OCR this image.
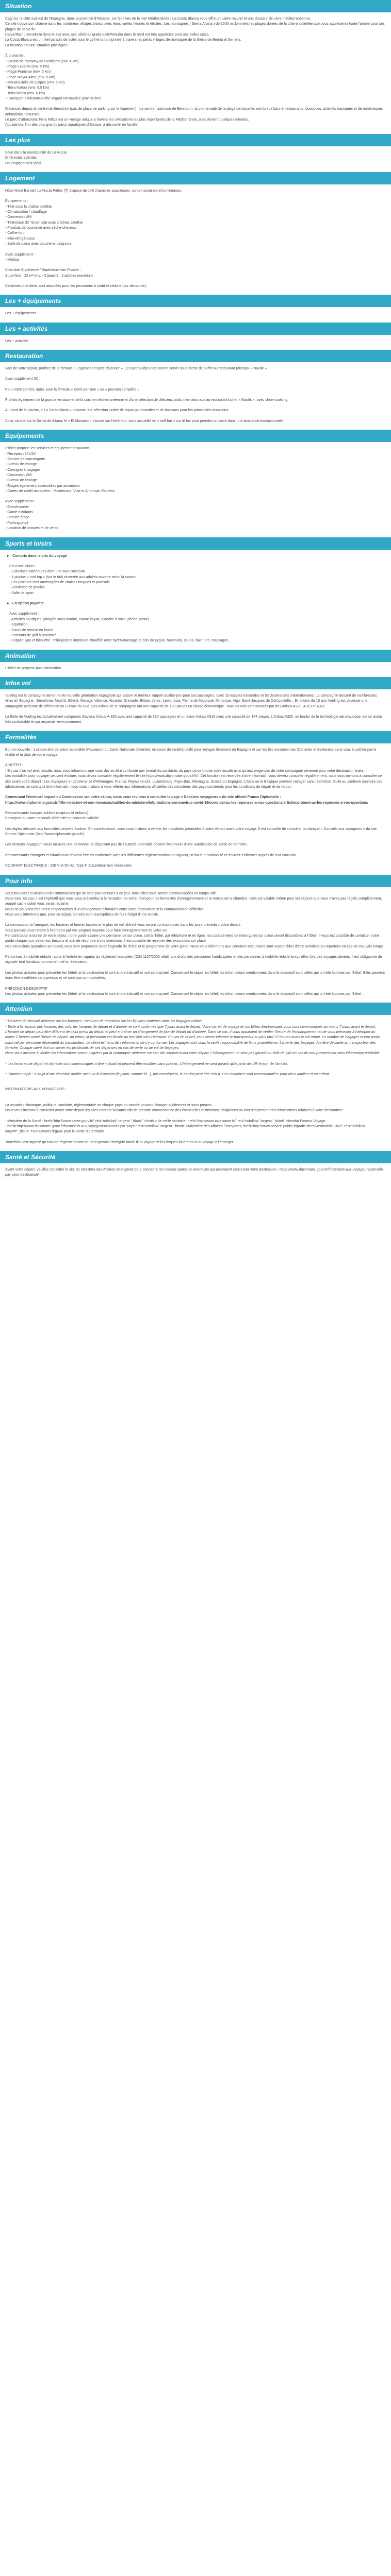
Situation

Cagi sur la côte sud-est de l'Espagne, dans la province d'Alicante, sur les rives de la mer Méditerranée / La Costa Blanca vous offre un cadre naturel et une douceur de vivre méditerranéenne.

Ce site trouve son charme dans les nombreux villages blancs avec leurs ruelles fleuries et étroites. Les montagnes ( Sierra Aitana ) de 1500 m dominent les plages dorées de la côte ensoleillée que vous apprécierez toute l'année pour ses plages de sable fin.

Calpe/Ifach / Benidorm dans le sud avec ses célèbres gratte-ciels/Moraira dans le nord est très appréciée pour ses belles calas.

La Costa Blanca est un réel paradis de soleil pour le golf et la randonnée à travers les petits villages de montagne de la Sierra de Bernia et Serrella.

La location est une situation privilégiée !

À proximité :

- Station de tramway de Benidorm (env. 4 km)

- Plage Levante (env. 5 km)

- Plage Poniente (env. 5 km)

- Place Mayor Altea (env. 5 km)

- Moraira Bella de Calpes (env. 5 km)

- Terra Natura (env. 6,5 km)

- Terra Mítica (env. 6 km)

- L'aéroport d'Alicante-Elche Miguel Hernández (env. 60 km)

Distances depuis le centre de Benidorm (pas de place de parking sur le logement) : Le centre historique de Benidorm, la promenade de la plage de Levante, nombreux bars et restaurants, boutiques, activités nautiques et de nombreuses animations nocturnes.

Le parc d'attractions Terra Mítica est un voyage unique à travers les civilisations les plus importantes de la Méditerranée, à seulement quelques minutes.

Aqualandia, l'un des plus grands parcs aquatiques d'Europe, à découvrir en famille.

Les plus

Situé dans la municipalité de La Nucía

Différentes activités

Un emplacement idéal

Logement

Hôtel Hotel Barceló La Nucía Palms (T) dispose de 146 chambres spacieuses, contemporaines et lumineuses.

Équipements :

- Télé sous la chaîne satellite

- Climatisation / chauffage

- Connexion Wifi

- Téléviseur 32'' écran plat avec chaînes satellite

- Produits de courtoisie avec sèche-cheveux

- Coffre-fort

- Mini-réfrigérateur

- Salle de bains avec douche et baignoire

Avec supplément :

- Minibar

Chambre Supérieure / Supérieure vue Piscine :

Superficie : 22 m² env. - Capacité : 2 adultes maximum

Certaines chambres sont adaptées pour les personnes à mobilité réduite (sur demande).

Les + équipements

Les + équipements

Les + activités

Les + activités

Restauration

Lors de votre séjour, profitez de la formule « Logement et petit-déjeuner ». Les petits-déjeuners seront servis sous forme de buffet au restaurant principal « Nautik ».

Avec supplément (€) :

Pour votre confort, optez pour la formule « Demi-pension » ou « pension complète ».

Profitez également de la grande terrasse et de la cuisine méditerranéenne et d'une sélection de délicieux plats internationaux au restaurant buffet « Nautik », avec show-cooking.

Au bord de la piscine, « La Santa Marta » propose une sélection variée de tapas gourmandes et de boissons pour les principales occasions.

Ainsi, sa vue sur la Sierra de Aitana, le « El Mosaico » s'ouvre sur l'extérieur, vous accueille en « self bar » sur le toit pour prendre un verre dans une ambiance exceptionnelle.

Equipements

L'hôtel propose les services et équipements suivants :

- Réception 24h/24

- Service de conciergerie

- Bureau de change

- Consigne à bagages

- Connexion Wifi

- Bureau de change

- Étages également accessibles par ascenseur

- Cartes de crédit acceptées : Mastercard, Visa et American Express.

Avec supplément :

- Blanchisserie

- Garde d'enfants

- Service étage

- Parking privé

- Location de voitures et de vélos

Sports et loisirs

▸ Compris dans le prix du voyage

Pour vos loisirs :

- 2 piscines extérieures dont une avec solarium

- 1 piscine « roof top » (sur le toit) réservée aux adultes ouverte selon la saison

- Les piscines sont aménagées de chaises longues et parasols

- Serviettes de piscine

- Salle de sport

▸ En option payante

Avec supplément :

- Activités nautiques, plongée sous-marine, canoë kayak, planche à voile, pêche, tennis

- Equitation

- Cours de remise en forme

- Parcours de golf à proximité

- Espace Spa et bien-être : mini-piscine intérieure chauffée avec hydro-massage et cols de cygne, hammam, sauna, bain turc, massages...

Animation

L'hôtel ne propose pas d'animation.

Infos vol

Vueling est la compagnie aérienne de nouvelle génération espagnole qui assure le meilleur rapport qualité-prix pour ses passagers, avec 15 escales nationales et 53 destinations internationales. La compagnie dessert de nombreuses villes en Espagne : Barcelone, Madrid, Séville, Malaga, Valence, Alicante, Grenade, Bilbao, Jerez, Leòn, Ibiza, Palma de Majorque, Minorque, Vigo, Saint-Jacques de Compostelle... En moins de 10 ans Vueling est devenue une compagnie aérienne de référence en Europe du Sud. Les avions de la compagnie ont une capacité de 180 places en classe économique. Tous les vols sont assurés par des Airbus A320, A319 et A321.

La flotte de Vueling est actuellement composée d'avions Airbus A-320 avec une capacité de 180 passagers et un avion Airbus A319 avec une capacité de 144 sièges. L'Airbus A320, un leader de la technologie aéronautique, est un avion très confortable et qui respecte l'environnement.

Formalités

Bonne nouvelle : 1 simple titre de votre nationalité (Passeport ou Carte Nationale d'Identité, en cours de validité) suffit pour voyager librement en Espagne et sur les îles européennes (Canaries et Baléares), sans visa, à justifier par la réalité et la date de votre voyage.

A NOTER :

- En cas d'un vol avec escale, nous vous informons que vous devrez être conforme aux formalités sanitaires du pays où se trouve votre escale ainsi qu'aux exigences de votre compagnie aérienne pour votre destination finale.

Les modalités pour voyager peuvent évoluer, vous devez consulter régulièrement le site https://www.diplomatie.gouv.fr/fr/. Cet fonction est réservée à titre informatif, vous devrez consulter régulièrement, nous vous invitons à consulter ce site avant votre départ : Les voyageurs en provenance d'Allemagne, France, Royaume-Uni, Luxembourg, Pays-Bas, Allemagne, Suisse ou Espagne, L'Italie ou la Belgique peuvent voyager sans restriction. Suite au contexte sanitaire ces informations ne sont qu'à titre informatif, nous vous invitons à vous référer aux informations officielles des ministères des pays concernés pour les conditions de départ et de retour.

Concernant l'éventuel impact du Coronavirus sur votre séjour, nous vous invitons à consulter la page « Dossiers voyageurs » du site officiel France Diplomatie :

https://www.diplomatie.gouv.fr/fr/le-ministere-et-son-reseau/actualites-du-ministere/informations-coronavirus-covid-19/coronavirus-les-reponses-a-vos-questions/article/coronavirus-les-reponses-a-vos-questions

Ressortissants français adultes (majeurs et enfants) :

Passeport ou carte nationale d'identité en cours de validité.

Les règles relatives aux formalités peuvent évoluer. En conséquence, nous vous invitons à vérifier les modalités préalables à votre départ avant votre voyage. Il est conseillé de consulter la rubrique « Conseils aux voyageurs » du site France Diplomatie (http://www.diplomatie.gouv.fr).

Les mineurs voyageant seuls ou avec une personne ne disposant pas de l'autorité parentale doivent être munis d'une autorisation de sortie de territoire.

Ressortissants étrangers et binationaux devront être en conformité avec les différentes réglementations en vigueur, selon leur nationalité et devront s'informer auprès de leur consulat.

COURANT ÉLECTRIQUE : 230 V et 50 Hz. Type F. Adaptateur non nécessaire.

Pour info

Vous trouverez ci-dessous des informations qui ne sont pas connues à ce jour, mais elles vous seront communiquées en temps utile.

Dans tous les cas, il est impératif que vous vous présentiez à la réception de votre hôtel pour les formalités d'enregistrement et la remise de la chambre. Cela est valable même pour les séjours que vous n'avez pas réglés complètement, auquel cas le solde vous serait réclamé.

Nous ne pouvons être tenus responsables d'un changement d'horaires entre votre réservation et la communication définitive.

Nous vous informons que, pour ce séjour, les vols sont susceptibles de faire l'objet d'une escale.

La convocation à l'aéroport, les horaires et heures locales et le plan de vol définitif vous seront communiqués dans les jours précédant votre départ.

Vous pouvez vous rendre à l'aéroport par vos propres moyens pour faire l'enregistrement de votre vol.

Pendant toute la durée de votre séjour, notre guide assure une permanence sur place, soit à l'hôtel, par téléphone et en ligne, les coordonnées de notre guide sur place seront disponibles à l'hôtel. Il vous est possible de contacter votre guide chaque jour, selon vos besoins et afin de répondre à vos questions. Il est possible de réserver des excursions sur place.

Des excursions (payables sur place) vous sont proposées selon l'agenda de l'hôtel et le programme de votre guide. Nous vous informons que certaines excursions sont susceptibles d'être annulées ou reportées en cas de mauvais temps.

Personnes à mobilité réduite : suite à l'entrée en vigueur du règlement européen (CE) 1107/2006 relatif aux droits des personnes handicapées et des personnes à mobilité réduite lorsqu'elles font des voyages aériens, il est obligatoire de signaler tout handicap au moment de la réservation.

Les photos utilisées pour présenter les hôtels et la destination le sont à titre indicatif et non contractuel. Concernant le séjour en hôtel, les informations mentionnées dans le descriptif sont celles qui ont été fournies par l'hôtel. Elles peuvent donc être modifiées sans préavis et ne sont pas contractuelles.

PRÉCISION DESCRIPTIF

Les photos utilisées pour présenter les hôtels et la destination le sont à titre indicatif et non contractuel. Concernant le séjour en hôtel, les informations mentionnées dans le descriptif sont celles qui ont été fournies par l'hôtel.

Attention

* Mesures de sécurité aérienne sur les bagages : mesures de restriction sur les liquides contenus dans les bagages cabine.

* Suite à la révision des horaires des vols, les horaires de départ et d'arrivée ne sont confirmés que 7 jours avant le départ. Votre carnet de voyage et vos billets électroniques vous sont communiqués au moins 7 jours avant le départ. L'horaire de départ peut être différent de celui prévu au départ et peut entraîner un changement de jour de départ ou d'arrivée. Dans ce cas, il vous appartient de vérifier l'heure de l'embarquement et de vous présenter à l'aéroport au moins 2 heures avant l'heure de départ. Au retour, la prestation est limitée au transfert vers l'aéroport. En cas de retard, vous devez informer le transporteur au plus tard 72 heures avant le vol retour. Le nombre de bagages et leur poids maximal par personne dépendent du transporteur. Le client est tenu de s'informer et de s'y conformer. Les bagages sont sous la seule responsabilité de leurs propriétaires. La perte des bagages doit être déclarée au transporteur dès l'arrivée. Chaque client doit conserver les justificatifs de ses dépenses en cas de perte ou de vol de bagages.

Nous vous invitons à vérifier les informations communiquées par la compagnie aérienne sur son site internet avant votre départ. L'hébergement ne sera pas garanti au-delà de 24h en cas de non-présentation sans information préalable.

* Les horaires de départ et d'arrivée sont communiqués à titre indicatif et peuvent être modifiés sans préavis. L'hébergement ne sera garanti qu'à partir de 14h le jour de l'arrivée.

* Chambre triple : il s'agit d'une chambre double avec un lit d'appoint (lit pliant, canapé-lit...), par conséquent, le confort peut être réduit. Ces chambres sont recommandées pour deux adultes et un enfant.

INFORMATIONS AUX VOYAGEURS :

La situation climatique, politique, sanitaire, réglementaire de chaque pays du monde pouvant changer subitement et sans préavis.

Nous vous invitons à consulter avant votre départ les sites Internet suivants afin de prendre connaissance des éventuelles restrictions, obligations ou tout simplement des informations relatives à votre destination :

- Ministère de la Santé : href="http://www.sante.gouv.fr/" rel="nofollow" target="_blank" >Institut de veille sanitaire, href="http://www.invs.sante.fr/" rel="nofollow" target="_blank" >Institut Pasteur Voyage.

- href="http://www.diplomatie.gouv.fr/fr/conseils-aux-voyageurs/conseils-par-pays/" rel="nofollow" target="_blank" >Ministère des Affaires Étrangères, href="http://www.service-public.fr/particuliers/vosdroits/F1352/" rel="nofollow" target="_blank" >Documents légaux pour la sortie du territoire.

Toutefois il est rappelé qu'aucune règlementation ne peut garantir l'intégrité totale d'un voyage et les risques inhérents à un voyage à l'étranger.

Santé et Sécurité

Avant votre départ, veuillez consulter le site du ministère des Affaires étrangères pour connaître les risques sanitaires éventuels qui pourraient concerner votre destination : https://www.diplomatie.gouv.fr/fr/conseils-aux-voyageurs/conseils-par-pays-destination/
